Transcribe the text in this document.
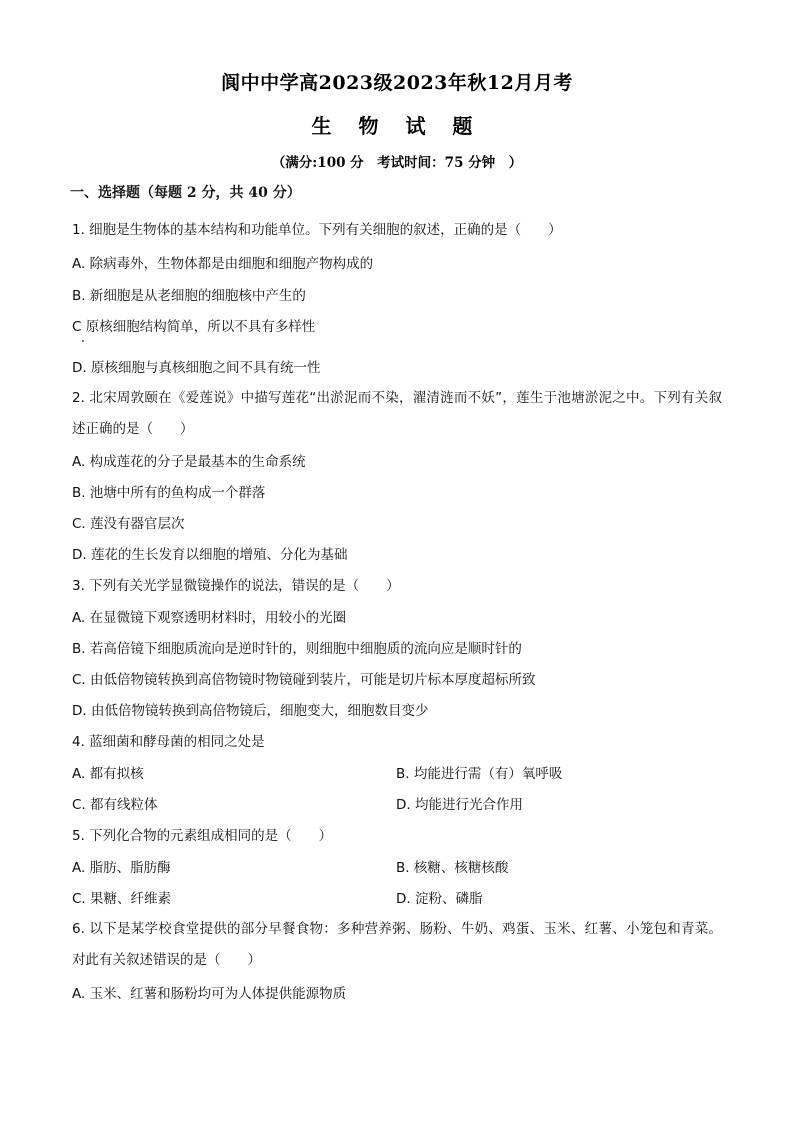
阆中中学高2023级2023年秋12月月考
生 物 试 题
（满分:100 分　考试时间：75 分钟　）
一、选择题（每题 2 分，共 40 分）
1. 细胞是生物体的基本结构和功能单位。下列有关细胞的叙述，正确的是（　　）
A. 除病毒外，生物体都是由细胞和细胞产物构成的
B. 新细胞是从老细胞的细胞核中产生的
C 原核细胞结构简单，所以不具有多样性
D. 原核细胞与真核细胞之间不具有统一性
2. 北宋周敦颐在《爱莲说》中描写莲花“出淤泥而不染，濯清涟而不妖”，莲生于池塘淤泥之中。下列有关叙述正确的是（　　）
A. 构成莲花的分子是最基本的生命系统
B. 池塘中所有的鱼构成一个群落
C. 莲没有器官层次
D. 莲花的生长发育以细胞的增殖、分化为基础
3. 下列有关光学显微镜操作的说法，错误的是（　　）
A. 在显微镜下观察透明材料时，用较小的光圈
B. 若高倍镜下细胞质流向是逆时针的，则细胞中细胞质的流向应是顺时针的
C. 由低倍物镜转换到高倍物镜时物镜碰到装片，可能是切片标本厚度超标所致
D. 由低倍物镜转换到高倍物镜后，细胞变大，细胞数目变少
4. 蓝细菌和酵母菌的相同之处是
A. 都有拟核	B. 均能进行需（有）氧呼吸
C. 都有线粒体	D. 均能进行光合作用
5. 下列化合物的元素组成相同的是（　　）
A. 脂肪、脂肪酶	B. 核糖、核糖核酸
C. 果糖、纤维素	D. 淀粉、磷脂
6. 以下是某学校食堂提供的部分早餐食物：多种营养粥、肠粉、牛奶、鸡蛋、玉米、红薯、小笼包和青菜。对此有关叙述错误的是（　　）
A. 玉米、红薯和肠粉均可为人体提供能源物质
